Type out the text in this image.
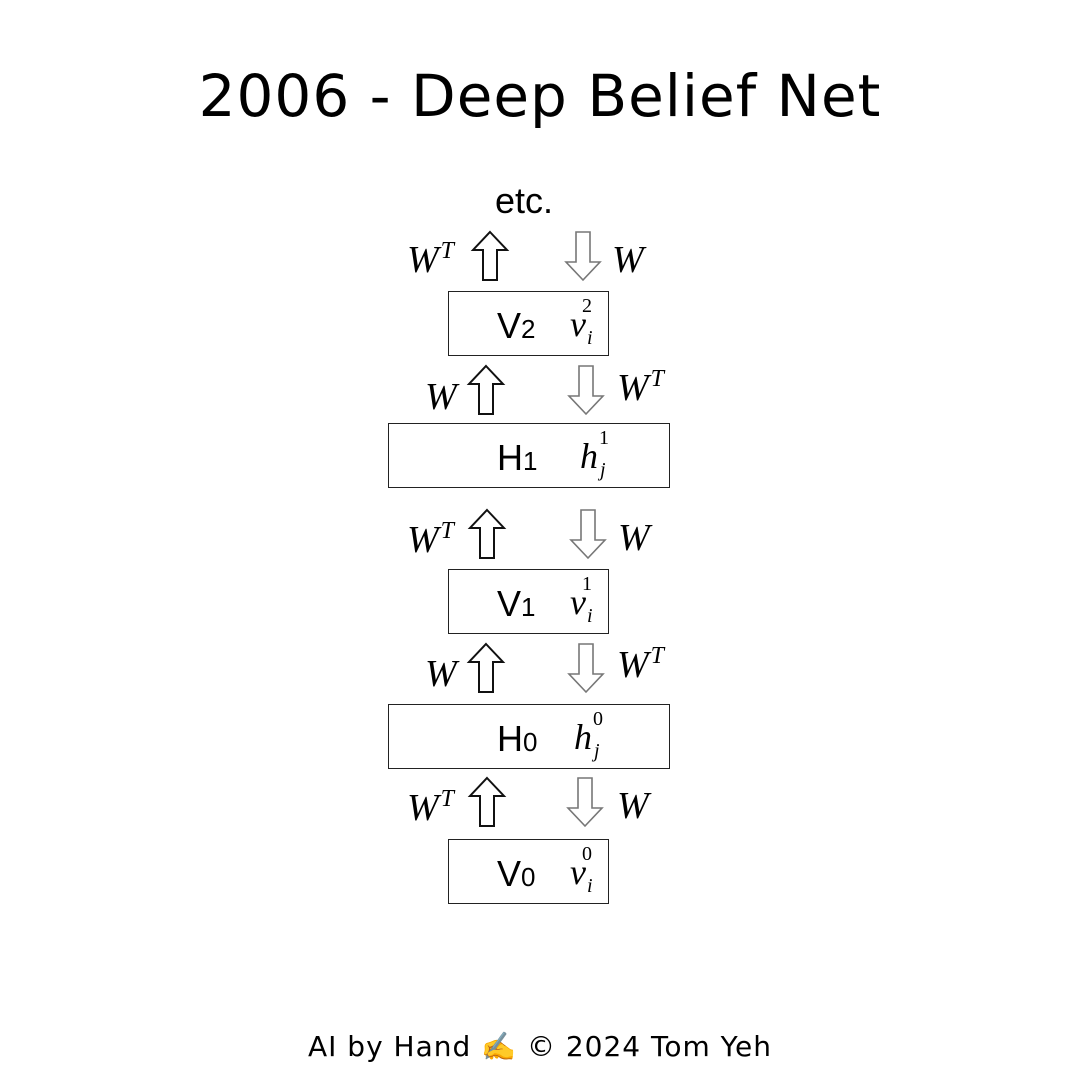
2006 - Deep Belief Net
etc.
$W^T$	W
V2 v
2
i
W	$W^T$
H1 h 1
j
$W^T$	W
V1 v
1
i
W	$W^T$
H0 h 0
j
$W^T$	W
V0 v
0
i
AI by Hand ✍️ © 2024 Tom Yeh
